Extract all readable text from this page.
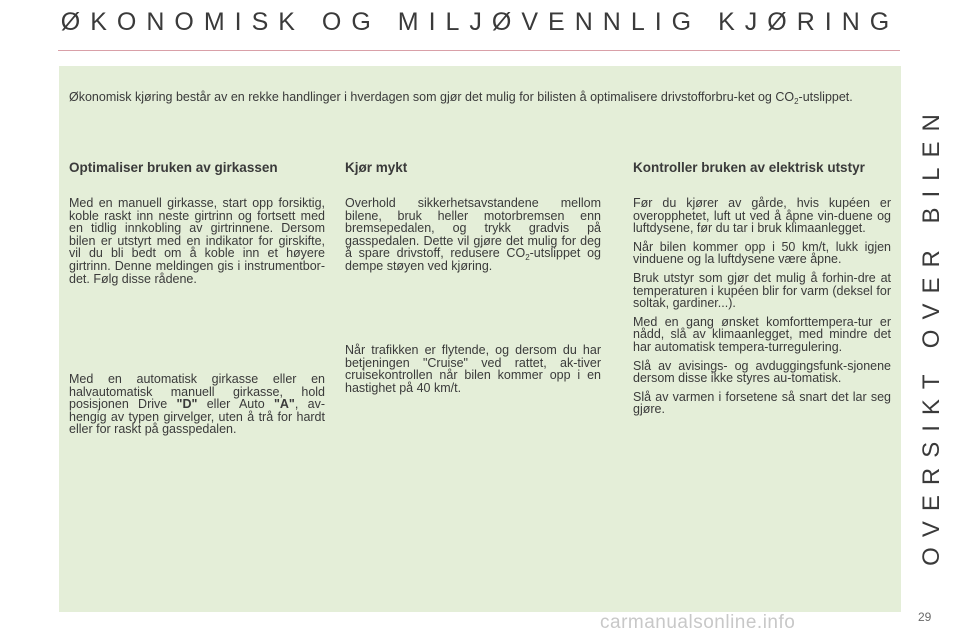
ØKONOMISK OG MILJØVENNLIG KJØRING
OVERSIKT OVER BILEN
Økonomisk kjøring består av en rekke handlinger i hverdagen som gjør det mulig for bilisten å optimalisere drivstofforbru-ket og $CO_2$-utslippet.
Optimaliser bruken av girkassen

Med en manuell girkasse, start opp forsiktig, koble raskt inn neste girtrinn og fortsett med en tidlig innkobling av girtrinnene. Dersom bilen er utstyrt med en indikator for girskifte, vil du bli bedt om å koble inn et høyere girtrinn. Denne meldingen gis i instrumentbor-det. Følg disse rådene.

Med en automatisk girkasse eller en halvautomatisk manuell girkasse, hold posisjonen Drive "D" eller Auto "A", av-hengig av typen girvelger, uten å trå for hardt eller for raskt på gasspedalen.

Kjør mykt

Overhold sikkerhetsavstandene mellom bilene, bruk heller motorbremsen enn bremsepedalen, og trykk gradvis på gasspedalen. Dette vil gjøre det mulig for deg å spare drivstoff, redusere $CO_2$-utslippet og dempe støyen ved kjøring.

Når trafikken er flytende, og dersom du har betjeningen "Cruise" ved rattet, ak-tiver cruisekontrollen når bilen kommer opp i en hastighet på 40 km/t.

Kontroller bruken av elektrisk utstyr

Før du kjører av gårde, hvis kupéen er overopphetet, luft ut ved å åpne vin-duene og luftdysene, før du tar i bruk klimaanlegget.

Når bilen kommer opp i 50 km/t, lukk igjen vinduene og la luftdysene være åpne.

Bruk utstyr som gjør det mulig å forhin-dre at temperaturen i kupéen blir for varm (deksel for soltak, gardiner...).

Med en gang ønsket komforttempera-tur er nådd, slå av klimaanlegget, med mindre det har automatisk tempera-turregulering.

Slå av avisings- og avduggingsfunk-sjonene dersom disse ikke styres au-tomatisk.

Slå av varmen i forsetene så snart det lar seg gjøre.

carmanualsonline.info	29
